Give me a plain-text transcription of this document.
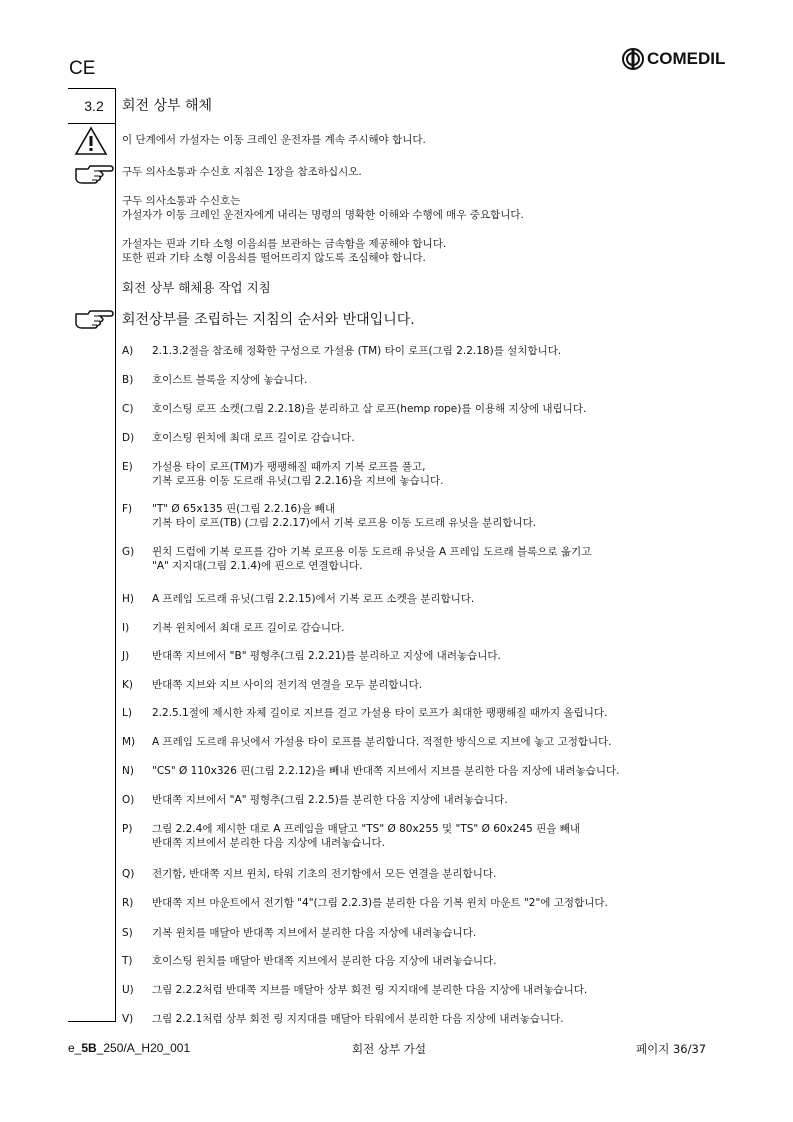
CE	COMEDIL
3.2	회전 상부 해체
이 단계에서 가설자는 이동 크레인 운전자를 계속 주시해야 합니다.
구두 의사소통과 수신호 지침은 1장을 참조하십시오.
구두 의사소통과 수신호는
가설자가 이동 크레인 운전자에게 내리는 명령의 명확한 이해와 수행에 매우 중요합니다.
가설자는 핀과 기타 소형 이음쇠를 보관하는 금속함을 제공해야 합니다.
또한 핀과 기타 소형 이음쇠를 떨어뜨리지 않도록 조심해야 합니다.
회전 상부 해체용 작업 지침
회전상부를 조립하는 지침의 순서와 반대입니다.
A) 2.1.3.2절을 참조해 정확한 구성으로 가설용 (TM) 타이 로프(그림 2.2.18)를 설치합니다.
B) 호이스트 블록을 지상에 놓습니다.
C) 호이스팅 로프 소켓(그림 2.2.18)을 분리하고 삼 로프(hemp rope)를 이용해 지상에 내립니다.
D) 호이스팅 윈치에 최대 로프 길이로 감습니다.
E) 가설용 타이 로프(TM)가 팽팽해질 때까지 기복 로프를 풀고,
기복 로프용 이동 도르래 유닛(그림 2.2.16)을 지브에 놓습니다.
F) "T" Ø 65x135 핀(그림 2.2.16)을 빼내
기복 타이 로프(TB) (그림 2.2.17)에서 기복 로프용 이동 도르래 유닛을 분리합니다.
G) 윈치 드럼에 기복 로프를 감아 기복 로프용 이동 도르래 유닛을 A 프레임 도르래 블록으로 옮기고
"A" 지지대(그림 2.1.4)에 핀으로 연결합니다.
H) A 프레임 도르래 유닛(그림 2.2.15)에서 기복 로프 소켓을 분리합니다.
I) 기복 윈치에서 최대 로프 길이로 감습니다.
J) 반대쪽 지브에서 "B" 평형추(그림 2.2.21)를 분리하고 지상에 내려놓습니다.
K) 반대쪽 지브와 지브 사이의 전기적 연결을 모두 분리합니다.
L) 2.2.5.1절에 제시한 자체 길이로 지브를 걸고 가설용 타이 로프가 최대한 팽팽해질 때까지 올립니다.
M) A 프레임 도르래 유닛에서 가설용 타이 로프를 분리합니다. 적절한 방식으로 지브에 놓고 고정합니다.
N) "CS" Ø 110x326 핀(그림 2.2.12)을 빼내 반대쪽 지브에서 지브를 분리한 다음 지상에 내려놓습니다.
O) 반대쪽 지브에서 "A" 평형추(그림 2.2.5)를 분리한 다음 지상에 내려놓습니다.
P) 그림 2.2.4에 제시한 대로 A 프레임을 매달고 "TS" Ø 80x255 및 "TS" Ø 60x245 핀을 빼내
반대쪽 지브에서 분리한 다음 지상에 내려놓습니다.
Q) 전기함, 반대쪽 지브 윈치, 타워 기초의 전기함에서 모든 연결을 분리합니다.
R) 반대쪽 지브 마운트에서 전기함 "4"(그림 2.2.3)를 분리한 다음 기복 윈치 마운트 "2"에 고정합니다.
S) 기복 윈치를 매달아 반대쪽 지브에서 분리한 다음 지상에 내려놓습니다.
T) 호이스팅 윈치를 매달아 반대쪽 지브에서 분리한 다음 지상에 내려놓습니다.
U) 그림 2.2.2처럼 반대쪽 지브를 매달아 상부 회전 링 지지대에 분리한 다음 지상에 내려놓습니다.
V) 그림 2.2.1처럼 상부 회전 링 지지대를 매달아 타워에서 분리한 다음 지상에 내려놓습니다.
e_5B_250/A_H20_001	회전 상부 가설	페이지 36/37
